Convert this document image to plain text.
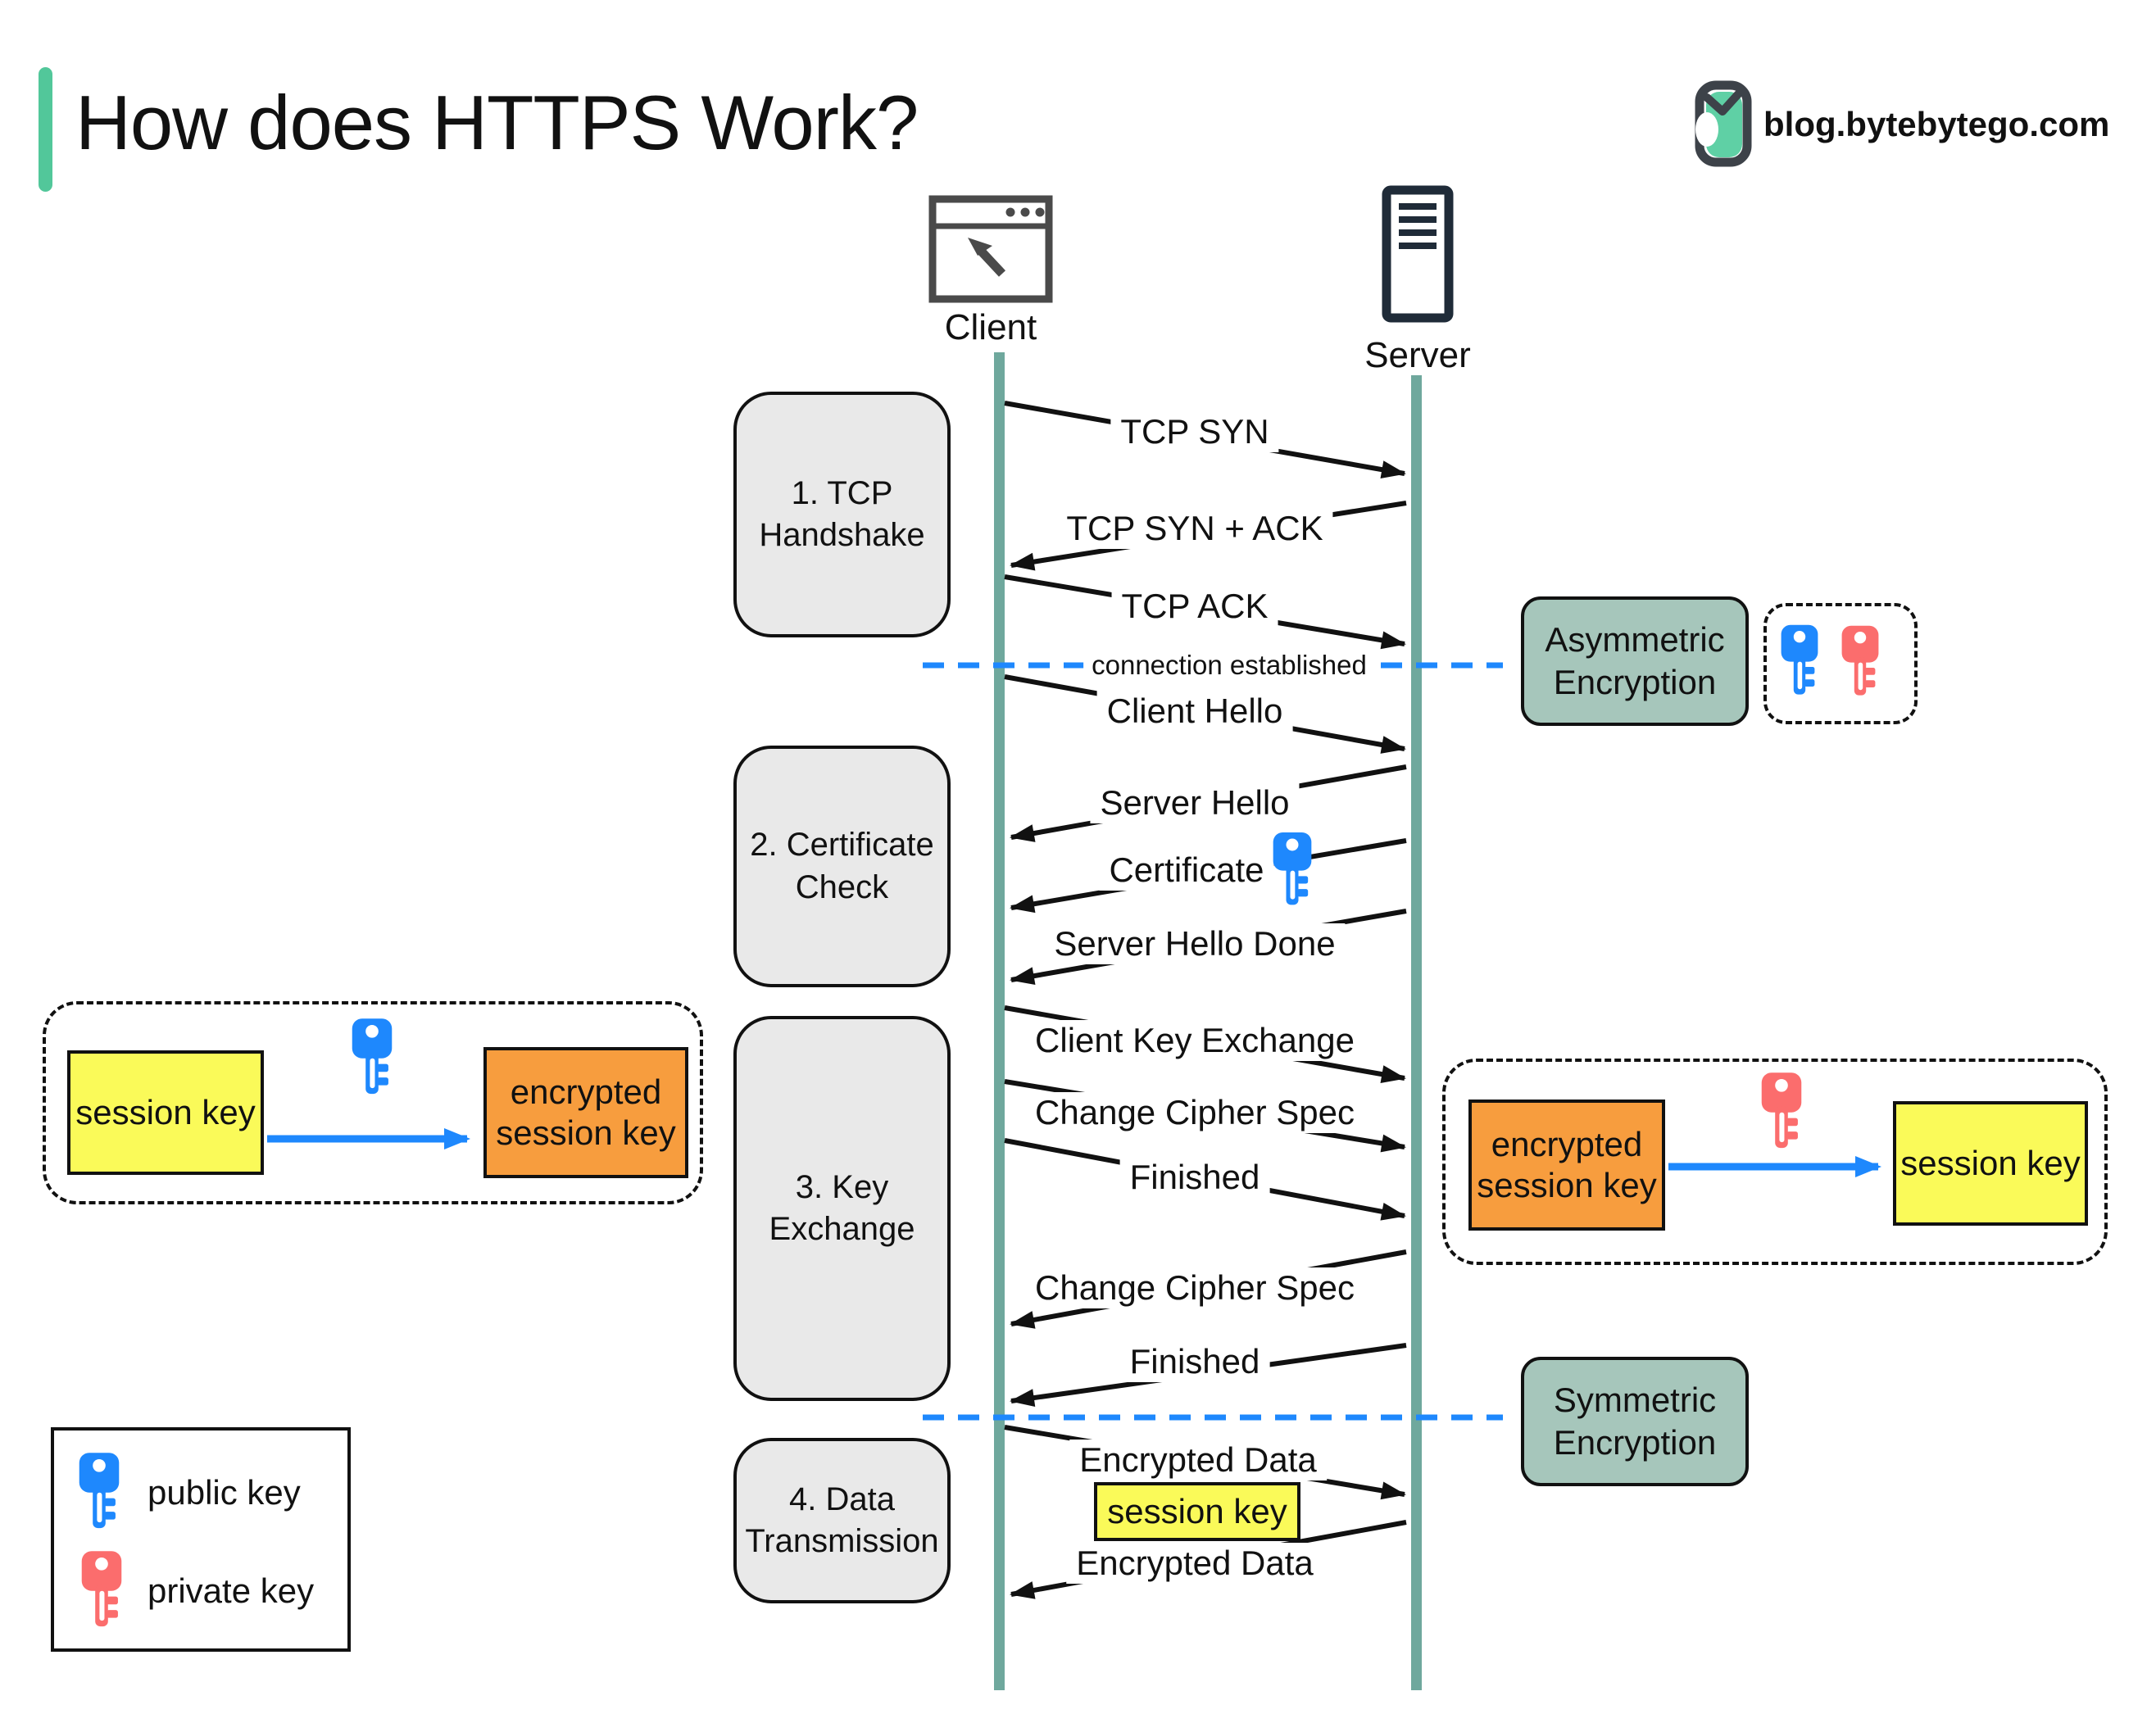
How does HTTPS Work?	blog.bytebytego.com
Client
Server
1. TCP Handshake
2. Certificate Check
3. Key Exchange
4. Data Transmission
TCP SYN
TCP SYN + ACK
TCP ACK
connection established
Client Hello
Server Hello
Certificate
Server Hello Done
Client Key Exchange
Change Cipher Spec
Finished
Change Cipher Spec
Finished
Encrypted Data
session key
Encrypted Data
Asymmetric Encryption
Symmetric Encryption
session key
encrypted session key	encrypted session key
session key
public key
private key
